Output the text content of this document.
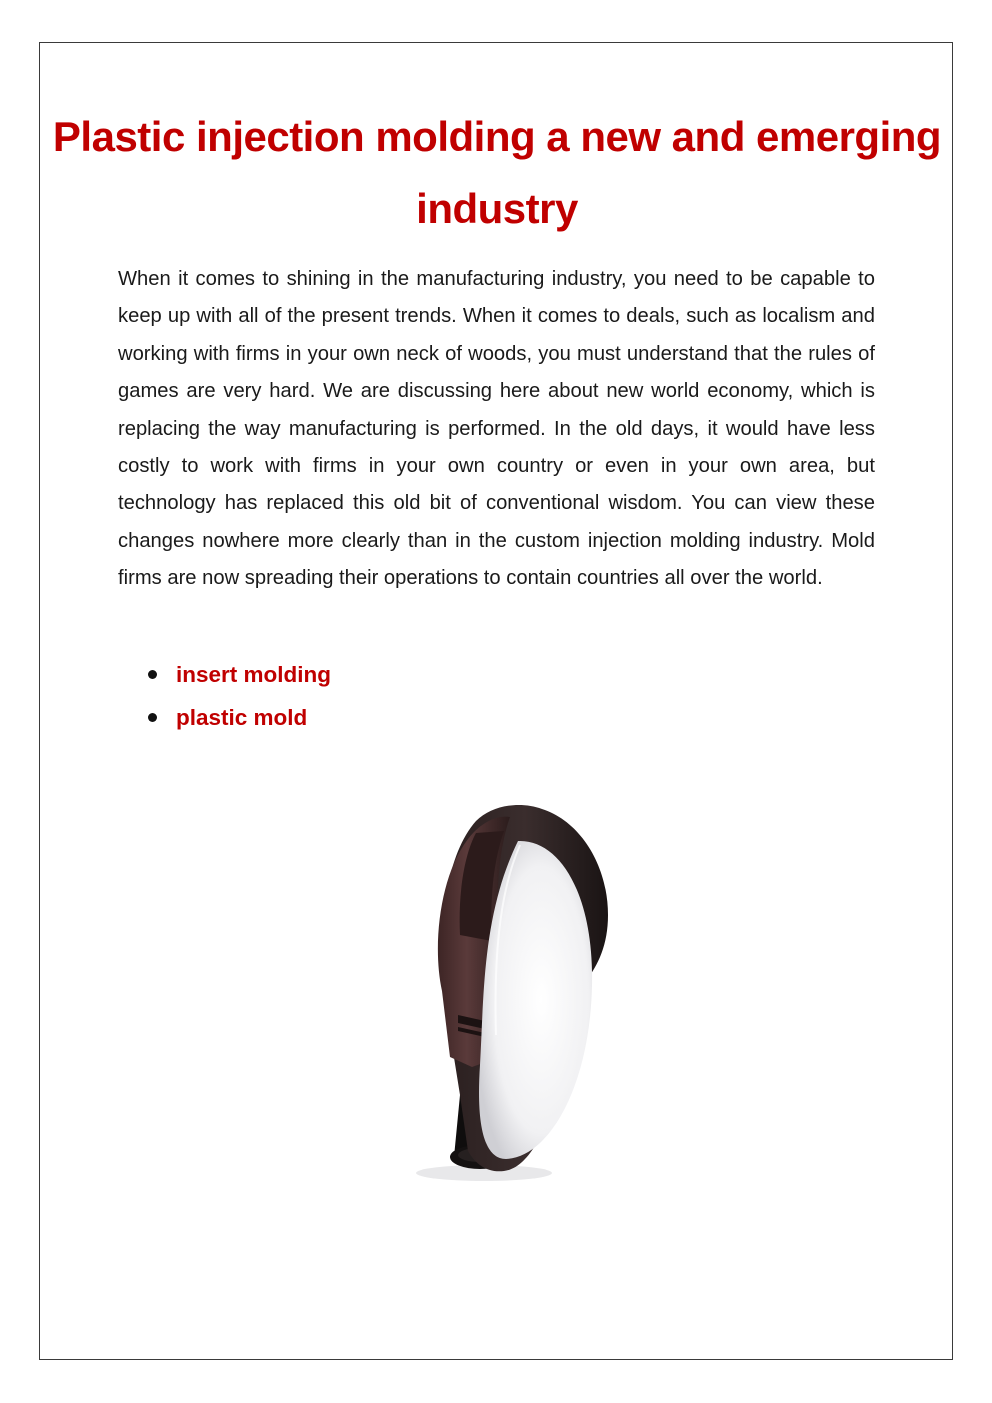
Plastic injection molding a new and emerging industry

When it comes to shining in the manufacturing industry, you need to be capable to keep up with all of the present trends. When it comes to deals, such as localism and working with firms in your own neck of woods, you must understand that the rules of games are very hard. We are discussing here about new world economy, which is replacing the way manufacturing is performed. In the old days, it would have less costly to work with firms in your own country or even in your own area, but technology has replaced this old bit of conventional wisdom. You can view these changes nowhere more clearly than in the custom injection molding industry. Mold firms are now spreading their operations to contain countries all over the world.

insert molding
plastic mold
